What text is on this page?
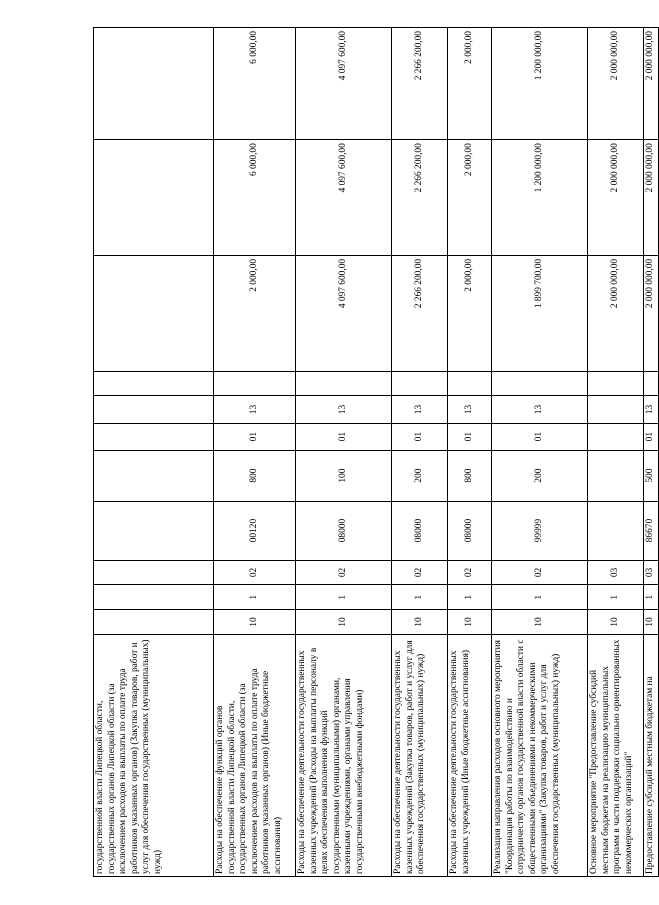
государственной власти Липецкой области, государственных органов Липецкой области (за исключением расходов на выплаты по оплате труда работников указанных органов) (Закупка товаров, работ и услуг для обеспечения государственных (муниципальных) нужд)											
Расходы на обеспечение функций органов государственной власти Липецкой области, государственных органов Липецкой области (за исключением расходов на выплаты по оплате труда работников указанных органов) (Иные бюджетные ассигнования)	10	1	02	00120	800	01	13		2 000,00	6 000,00	6 000,00
Расходы на обеспечение деятельности государственных казенных учреждений (Расходы на выплаты персоналу в целях обеспечения выполнения функций государственными (муниципальными) органами, казенными учреждениями, органами управления государственными внебюджетными фондами)	10	1	02	08000	100	01	13		4 097 600,00	4 097 600,00	4 097 600,00
Расходы на обеспечение деятельности государственных казенных учреждений (Закупка товаров, работ и услуг для обеспечения государственных (муниципальных) нужд)	10	1	02	08000	200	01	13		2 266 200,00	2 266 200,00	2 266 200,00
Расходы на обеспечение деятельности государственных казенных учреждений (Иные бюджетные ассигнования)	10	1	02	08000	800	01	13		2 000,00	2 000,00	2 000,00
Реализация направления расходов основного мероприятия "Координация работы по взаимодействию и сотрудничеству органов государственной власти области с общественными объединениями и некоммерческими организациями" (Закупка товаров, работ и услуг для обеспечения государственных (муниципальных) нужд)	10	1	02	99999	200	01	13		1 899 700,00	1 200 000,00	1 200 000,00
Основное мероприятие "Предоставление субсидий местным бюджетам на реализацию муниципальных программ в части поддержки социально ориентированных некоммерческих организаций"	10	1	03						2 000 000,00	2 000 000,00	2 000 000,00
Предоставление субсидий местным бюджетам на	10	1	03	86670	500	01	13		2 000 000,00	2 000 000,00	2 000 000,00
